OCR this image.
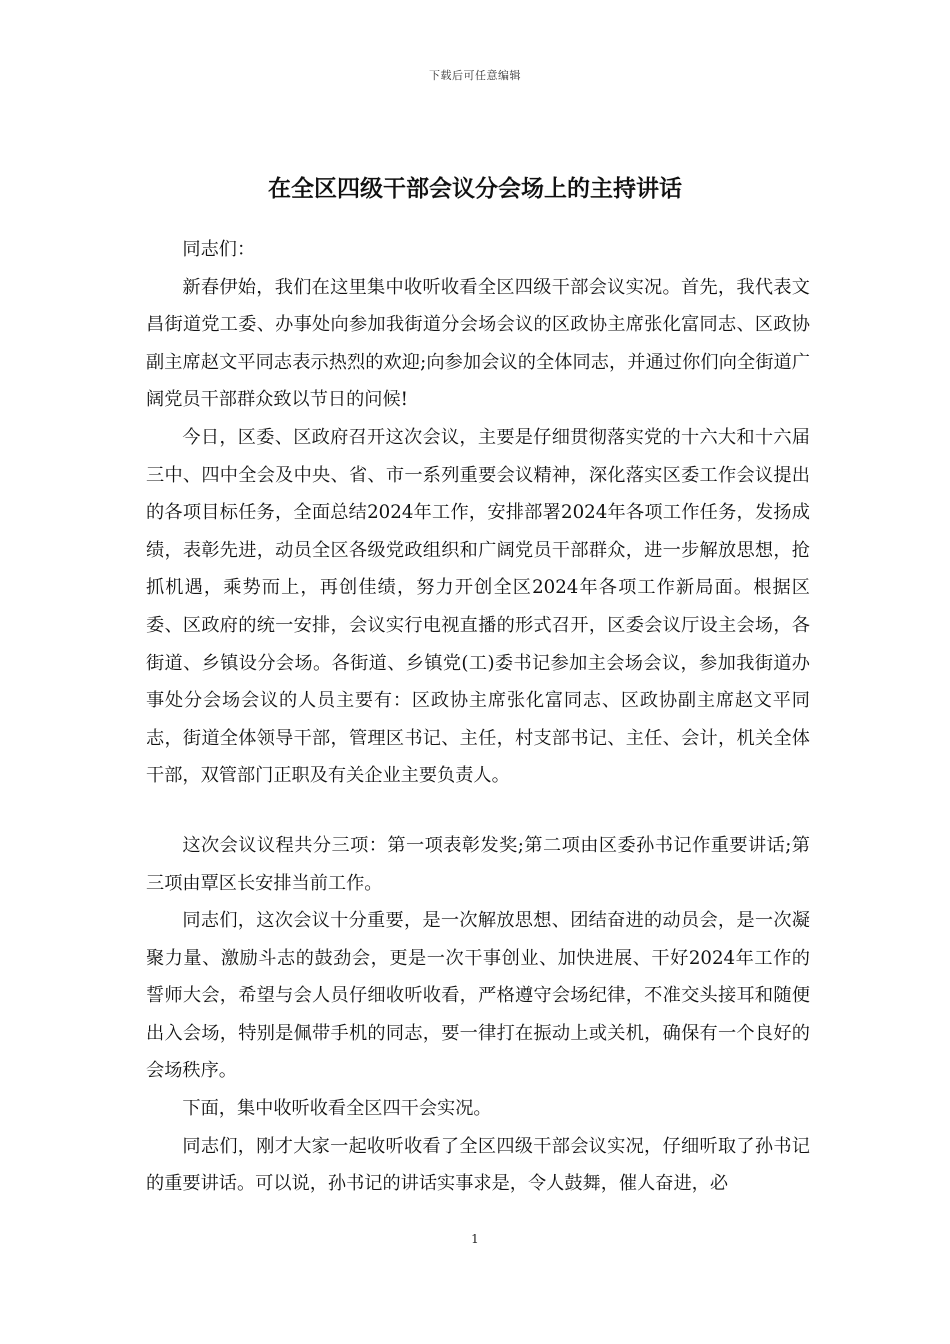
下载后可任意编辑
在全区四级干部会议分会场上的主持讲话

同志们：

新春伊始，我们在这里集中收听收看全区四级干部会议实况。首先，我代表文昌街道党工委、办事处向参加我街道分会场会议的区政协主席张化富同志、区政协副主席赵文平同志表示热烈的欢迎;向参加会议的全体同志，并通过你们向全街道广阔党员干部群众致以节日的问候!

今日，区委、区政府召开这次会议，主要是仔细贯彻落实党的十六大和十六届三中、四中全会及中央、省、市一系列重要会议精神，深化落实区委工作会议提出的各项目标任务，全面总结2024年工作，安排部署2024年各项工作任务，发扬成绩，表彰先进，动员全区各级党政组织和广阔党员干部群众，进一步解放思想，抢抓机遇，乘势而上，再创佳绩，努力开创全区2024年各项工作新局面。根据区委、区政府的统一安排，会议实行电视直播的形式召开，区委会议厅设主会场，各街道、乡镇设分会场。各街道、乡镇党(工)委书记参加主会场会议，参加我街道办事处分会场会议的人员主要有：区政协主席张化富同志、区政协副主席赵文平同志，街道全体领导干部，管理区书记、主任，村支部书记、主任、会计，机关全体干部，双管部门正职及有关企业主要负责人。

这次会议议程共分三项：第一项表彰发奖;第二项由区委孙书记作重要讲话;第三项由覃区长安排当前工作。

同志们，这次会议十分重要，是一次解放思想、团结奋进的动员会，是一次凝聚力量、激励斗志的鼓劲会，更是一次干事创业、加快进展、干好2024年工作的誓师大会，希望与会人员仔细收听收看，严格遵守会场纪律，不准交头接耳和随便出入会场，特别是佩带手机的同志，要一律打在振动上或关机，确保有一个良好的会场秩序。

下面，集中收听收看全区四干会实况。

同志们，刚才大家一起收听收看了全区四级干部会议实况，仔细听取了孙书记的重要讲话。可以说，孙书记的讲话实事求是，令人鼓舞，催人奋进，必

1
